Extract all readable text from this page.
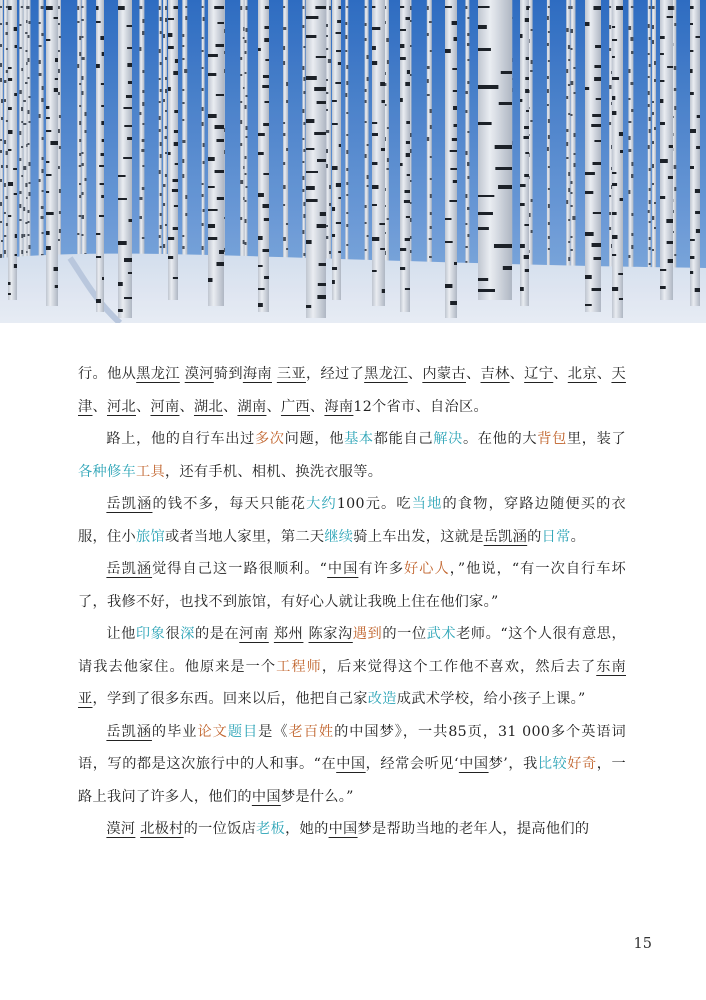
行。他从黑龙江 漠河骑到海南 三亚，经过了黑龙江、内蒙古、吉林、辽宁、北京、天津、河北、河南、湖北、湖南、广西、海南12个省市、自治区。

路上，他的自行车出过多次问题，他基本都能自己解决。在他的大背包里，装了各种修车工具，还有手机、相机、换洗衣服等。

岳凯涵的钱不多，每天只能花大约100元。吃当地的食物，穿路边随便买的衣服，住小旅馆或者当地人家里，第二天继续骑上车出发，这就是岳凯涵的日常。

岳凯涵觉得自己这一路很顺利。“中国有许多好心人，”他说，“有一次自行车坏了，我修不好，也找不到旅馆，有好心人就让我晚上住在他们家。”

让他印象很深的是在河南 郑州 陈家沟遇到的一位武术老师。“这个人很有意思，请我去他家住。他原来是一个工程师，后来觉得这个工作他不喜欢，然后去了东南亚，学到了很多东西。回来以后，他把自己家改造成武术学校，给小孩子上课。”

岳凯涵的毕业论文题目是《老百姓的中国梦》，一共85页，31 000多个英语词语，写的都是这次旅行中的人和事。“在中国，经常会听见‘中国梦’，我比较好奇，一路上我问了许多人，他们的中国梦是什么。”

漠河 北极村的一位饭店老板，她的中国梦是帮助当地的老年人，提高他们的

15
